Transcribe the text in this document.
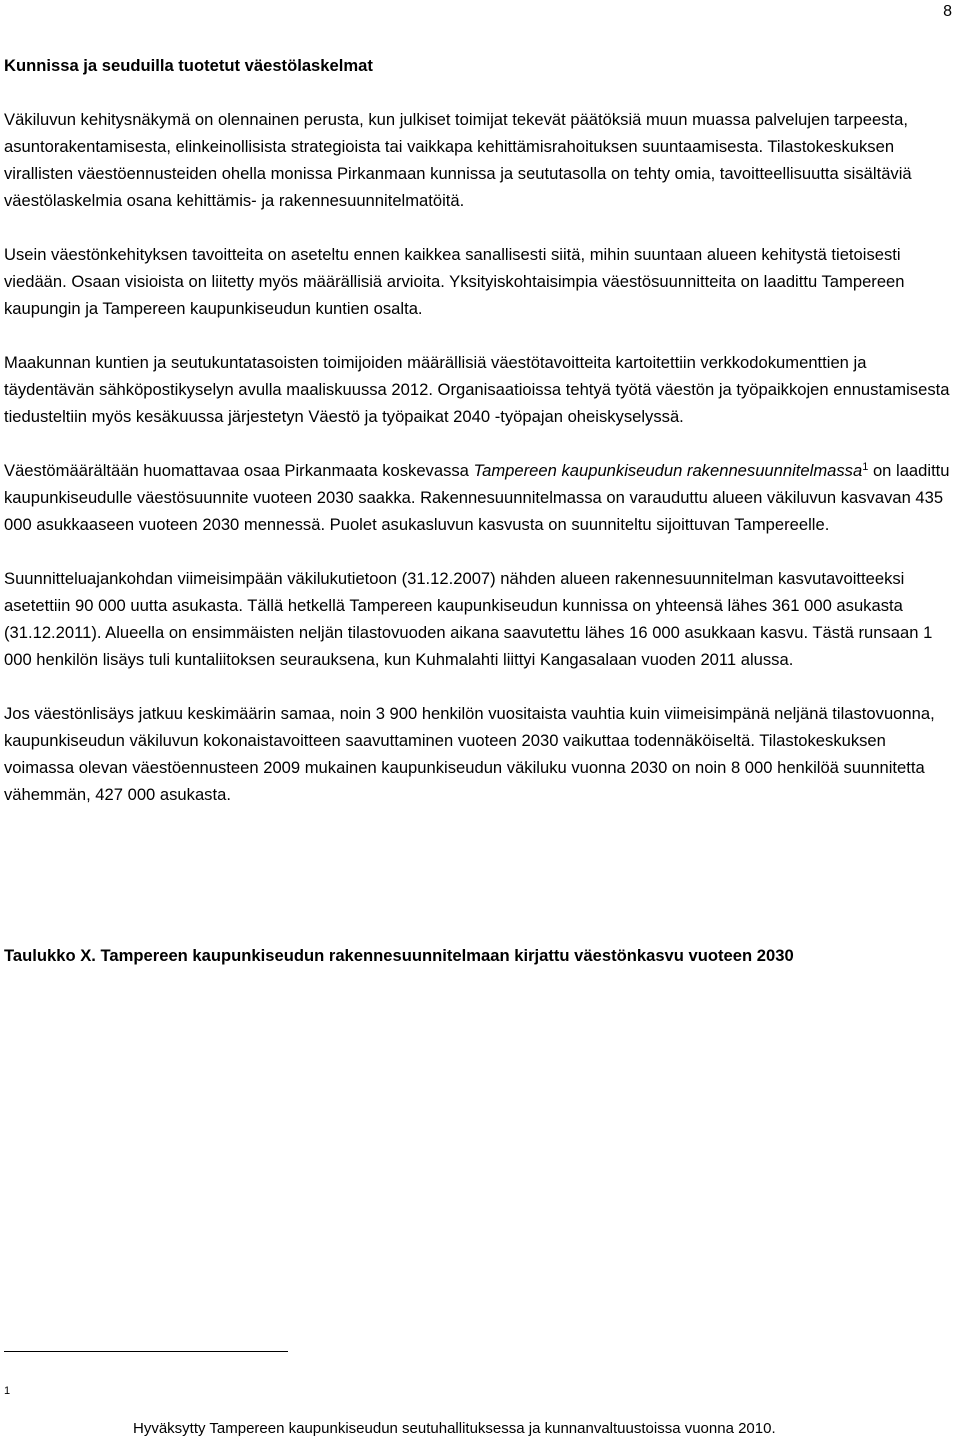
8
Kunnissa ja seuduilla tuotetut väestölaskelmat

Väkiluvun kehitysnäkymä on olennainen perusta, kun julkiset toimijat tekevät päätöksiä muun muassa palvelujen tarpeesta, asuntorakentamisesta, elinkeinollisista strategioista tai vaikkapa kehittämisrahoituksen suuntaamisesta. Tilastokeskuksen virallisten väestöennusteiden ohella monissa Pirkanmaan kunnissa ja seututasolla on tehty omia, tavoitteellisuutta sisältäviä väestölaskelmia osana kehittämis- ja rakennesuunnitelmatöitä.

Usein väestönkehityksen tavoitteita on aseteltu ennen kaikkea sanallisesti siitä, mihin suuntaan alueen kehitystä tietoisesti viedään. Osaan visioista on liitetty myös määrällisiä arvioita. Yksityiskohtaisimpia väestösuunnitteita on laadittu Tampereen kaupungin ja Tampereen kaupunkiseudun kuntien osalta.

Maakunnan kuntien ja seutukuntatasoisten toimijoiden määrällisiä väestötavoitteita kartoitettiin verkkodokumenttien ja täydentävän sähköpostikyselyn avulla maaliskuussa 2012. Organisaatioissa tehtyä työtä väestön ja työpaikkojen ennustamisesta tiedusteltiin myös kesäkuussa järjestetyn Väestö ja työpaikat 2040 -työpajan oheiskyselyssä.

Väestömäärältään huomattavaa osaa Pirkanmaata koskevassa Tampereen kaupunkiseudun rakennesuunnitelmassa$^1$ on laadittu kaupunkiseudulle väestösuunnite vuoteen 2030 saakka. Rakennesuunnitelmassa on varauduttu alueen väkiluvun kasvavan 435 000 asukkaaseen vuoteen 2030 mennessä. Puolet asukasluvun kasvusta on suunniteltu sijoittuvan Tampereelle.

Suunnitteluajankohdan viimeisimpään väkilukutietoon (31.12.2007) nähden alueen rakennesuunnitelman kasvutavoitteeksi asetettiin 90 000 uutta asukasta. Tällä hetkellä Tampereen kaupunkiseudun kunnissa on yhteensä lähes 361 000 asukasta (31.12.2011). Alueella on ensimmäisten neljän tilastovuoden aikana saavutettu lähes 16 000 asukkaan kasvu. Tästä runsaan 1 000 henkilön lisäys tuli kuntaliitoksen seurauksena, kun Kuhmalahti liittyi Kangasalaan vuoden 2011 alussa.

Jos väestönlisäys jatkuu keskimäärin samaa, noin 3 900 henkilön vuositaista vauhtia kuin viimeisimpänä neljänä tilastovuonna, kaupunkiseudun väkiluvun kokonaistavoitteen saavuttaminen vuoteen 2030 vaikuttaa todennäköiseltä. Tilastokeskuksen voimassa olevan väestöennusteen 2009 mukainen kaupunkiseudun väkiluku vuonna 2030 on noin 8 000 henkilöä suunnitetta vähemmän, 427 000 asukasta.

Taulukko X. Tampereen kaupunkiseudun rakennesuunnitelmaan kirjattu väestönkasvu vuoteen 2030
1
Hyväksytty Tampereen kaupunkiseudun seutuhallituksessa ja kunnanvaltuustoissa vuonna 2010.
